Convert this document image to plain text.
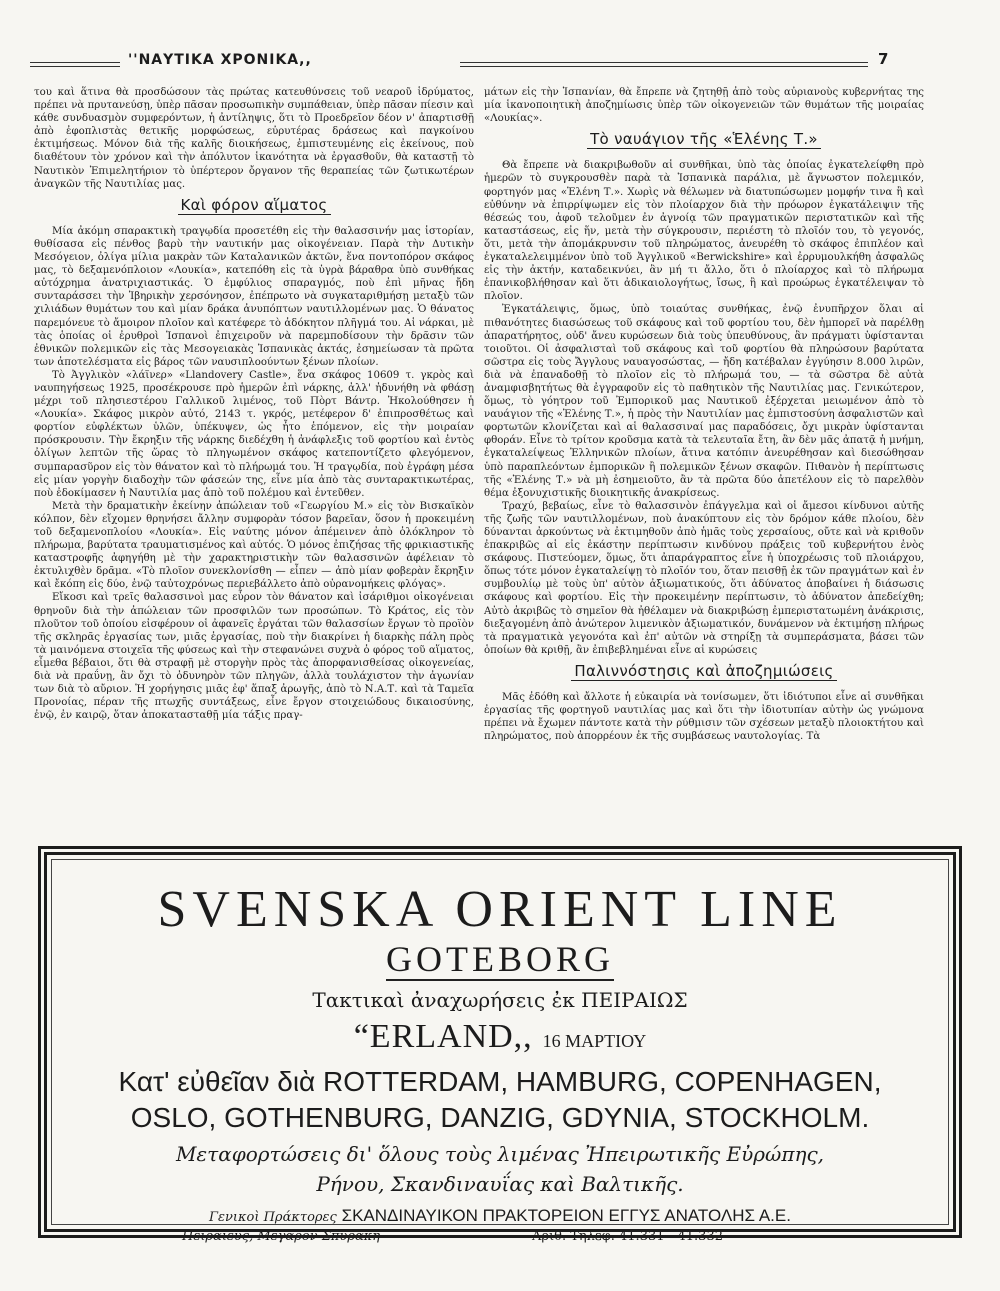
''ΝΑΥΤΙΚΑ ΧΡΟΝΙΚΑ,,	7

του καὶ ἅτινα θὰ προσδώσουν τὰς πρώτας κατευθύνσεις τοῦ νεαροῦ ἱδρύματος, πρέπει νὰ πρυτανεύσῃ, ὑπὲρ πᾶσαν προσωπικὴν συμπάθειαν, ὑπὲρ πᾶσαν πίεσιν καὶ κάθε συνδυασμὸν συμφερόντων, ἡ ἀντίληψις, ὅτι τὸ Προεδρεῖον δέον ν' ἀπαρτισθῇ ἀπὸ ἐφοπλιστὰς θετικῆς μορφώσεως, εὐρυτέρας δράσεως καὶ παγκοίνου ἐκτιμήσεως. Μόνον διὰ τῆς καλῆς διοικήσεως, ἐμπιστευμένης εἰς ἐκείνους, ποὺ διαθέτουν τὸν χρόνον καὶ τὴν ἀπόλυτον ἱκανότητα νὰ ἐργασθοῦν, θὰ καταστῇ τὸ Ναυτικὸν Ἐπιμελητήριον τὸ ὑπέρτερον ὄργανον τῆς θεραπείας τῶν ζωτικωτέρων ἀναγκῶν τῆς Ναυτιλίας μας.

Καὶ φόρον αἵματος

Μία ἀκόμη σπαρακτικὴ τραγῳδία προσετέθη εἰς τὴν θαλασσινήν μας ἱστορίαν, θυθίσασα εἰς πένθος βαρὺ τὴν ναυτικήν μας οἰκογένειαν. Παρὰ τὴν Δυτικὴν Μεσόγειον, ὀλίγα μίλια μακρὰν τῶν Καταλανικῶν ἀκτῶν, ἕνα ποντοπόρον σκάφος μας, τὸ δεξαμενόπλοιον «Λουκία», κατεπόθη εἰς τὰ ὑγρὰ βάραθρα ὑπὸ συνθήκας αὐτόχρημα ἀνατριχιαστικάς. Ὁ ἐμφύλιος σπαραγμός, ποὺ ἐπὶ μῆνας ἤδη συνταράσσει τὴν Ἰβηρικὴν χερσόνησον, ἐπέπρωτο νὰ συγκαταριθμήσῃ μεταξὺ τῶν χιλιάδων θυμάτων του καὶ μίαν δράκα ἀνυπόπτων ναυτιλλομένων μας. Ὁ θάνατος παρεμόνευε τὸ ἄμοιρον πλοῖον καὶ κατέφερε τὸ ἀδόκητον πλῆγμά του. Αἱ νάρκαι, μὲ τὰς ὁποίας οἱ ἐρυθροὶ Ἱσπανοὶ ἐπιχειροῦν νὰ παρεμποδίσουν τὴν δρᾶσιν τῶν ἐθνικῶν πολεμικῶν εἰς τὰς Μεσογειακὰς Ἱσπανικὰς ἀκτάς, ἐσημείωσαν τὰ πρῶτα των ἀποτελέσματα εἰς βάρος τῶν ναυσιπλοούντων ξένων πλοίων.

Τὸ Ἀγγλικὸν «λάϊνερ» «Llandovery Castle», ἕνα σκάφος 10609 τ. γκρὸς καὶ ναυπηγήσεως 1925, προσέκρουσε πρὸ ἡμερῶν ἐπὶ νάρκης, ἀλλ' ἠδυνήθη νὰ φθάσῃ μέχρι τοῦ πλησιεστέρου Γαλλικοῦ λιμένος, τοῦ Πὸρτ Βάντρ. Ἠκολούθησεν ἡ «Λουκία». Σκάφος μικρὸν αὐτό, 2143 τ. γκρός, μετέφερον δ' ἐπιπροσθέτως καὶ φορτίον εὐφλέκτων ὑλῶν, ὑπέκυψεν, ὡς ἦτο ἑπόμενον, εἰς τὴν μοιραίαν πρόσκρουσιν. Τὴν ἔκρηξιν τῆς νάρκης διεδέχθη ἡ ἀνάφλεξις τοῦ φορτίου καὶ ἐντὸς ὀλίγων λεπτῶν τῆς ὥρας τὸ πληγωμένον σκάφος κατεποντίζετο φλεγόμενον, συμπαρασῦρον εἰς τὸν θάνατον καὶ τὸ πλήρωμά του. Ἡ τραγῳδία, ποὺ ἐγράφη μέσα εἰς μίαν γοργὴν διαδοχὴν τῶν φάσεών της, εἶνε μία ἀπὸ τὰς συνταρακτικωτέρας, ποὺ ἐδοκίμασεν ἡ Ναυτιλία μας ἀπὸ τοῦ πολέμου καὶ ἐντεῦθεν.

Μετὰ τὴν δραματικὴν ἐκείνην ἀπώλειαν τοῦ «Γεωργίου Μ.» εἰς τὸν Βισκαϊκὸν κόλπον, δὲν εἴχομεν θρηνήσει ἄλλην συμφορὰν τόσον βαρεῖαν, ὅσον ἡ προκειμένη τοῦ δεξαμενοπλοίου «Λουκία». Εἰς ναύτης μόνον ἀπέμεινεν ἀπὸ ὁλόκληρον τὸ πλήρωμα, βαρύτατα τραυματισμένος καὶ αὐτός. Ὁ μόνος ἐπιζήσας τῆς φρικιαστικῆς καταστροφῆς ἀφηγήθη μὲ τὴν χαρακτηριστικὴν τῶν θαλασσινῶν ἀφέλειαν τὸ ἐκτυλιχθὲν δρᾶμα. «Τὸ πλοῖον συνεκλονίσθη — εἶπεν — ἀπὸ μίαν φοβερὰν ἔκρηξιν καὶ ἔκόπη εἰς δύο, ἐνῷ ταὐτοχρόνως περιεβάλλετο ἀπὸ οὐρανομήκεις φλόγας».

Εἴκοσι καὶ τρεῖς θαλασσινοὶ μας εὗρον τὸν θάνατον καὶ ἰσάριθμοι οἰκογένειαι θρηνοῦν διὰ τὴν ἀπώλειαν τῶν προσφιλῶν των προσώπων. Τὸ Κράτος, εἰς τὸν πλοῦτον τοῦ ὁποίου εἰσφέρουν οἱ ἀφανεῖς ἐργάται τῶν θαλασσίων ἔργων τὸ προϊὸν τῆς σκληρᾶς ἐργασίας των, μιᾶς ἐργασίας, ποὺ τὴν διακρίνει ἡ διαρκὴς πάλη πρὸς τὰ μαινόμενα στοιχεῖα τῆς φύσεως καὶ τὴν στεφανώνει συχνὰ ὁ φόρος τοῦ αἵματος, εἶμεθα βέβαιοι, ὅτι θὰ στραφῇ μὲ στοργὴν πρὸς τὰς ἀπορφανισθείσας οἰκογενείας, διὰ νὰ πραΰνῃ, ἂν ὄχι τὸ ὀδυνηρὸν τῶν πληγῶν, ἀλλὰ τουλάχιστον τὴν ἀγωνίαν των διὰ τὸ αὔριον. Ἡ χορήγησις μιᾶς ἐφ' ἅπαξ ἀρωγῆς, ἀπὸ τὸ Ν.Α.Τ. καὶ τὰ Ταμεῖα Προνοίας, πέραν τῆς πτωχῆς συντάξεως, εἶνε ἔργον στοιχειώδους δικαιοσύνης, ἐνῷ, ἐν καιρῷ, ὅταν ἀποκατασταθῇ μία τάξις πραγ-

μάτων εἰς τὴν Ἱσπανίαν, θὰ ἔπρεπε νὰ ζητηθῇ ἀπὸ τοὺς αὐριανοὺς κυβερνήτας της μία ἱκανοποιητικὴ ἀποζημίωσις ὑπὲρ τῶν οἰκογενειῶν τῶν θυμάτων τῆς μοιραίας «Λουκίας».

Τὸ ναυάγιον τῆς «Ἑλένης Τ.»

Θὰ ἔπρεπε νὰ διακριβωθοῦν αἱ συνθῆκαι, ὑπὸ τὰς ὁποίας ἐγκατελείφθη πρὸ ἡμερῶν τὸ συγκρουσθὲν παρὰ τὰ Ἱσπανικὰ παράλια, μὲ ἄγνωστον πολεμικόν, φορτηγόν μας «Ἑλένη Τ.». Χωρὶς νὰ θέλωμεν νὰ διατυπώσωμεν μομφήν τινα ἢ καὶ εὐθύνην νὰ ἐπιρρίψωμεν εἰς τὸν πλοίαρχον διὰ τὴν πρόωρον ἐγκατάλειψιν τῆς θέσεώς του, ἀφοῦ τελοῦμεν ἐν ἀγνοίᾳ τῶν πραγματικῶν περιστατικῶν καὶ τῆς καταστάσεως, εἰς ἥν, μετὰ τὴν σύγκρουσιν, περιέστη τὸ πλοῖόν του, τὸ γεγονός, ὅτι, μετὰ τὴν ἀπομάκρυνσιν τοῦ πληρώματος, ἀνευρέθη τὸ σκάφος ἐπιπλέον καὶ ἐγκαταλελειμμένον ὑπὸ τοῦ Ἀγγλικοῦ «Berwickshire» καὶ ἐρρυμουλκήθη ἀσφαλῶς εἰς τὴν ἀκτήν, καταδεικνύει, ἂν μή τι ἄλλο, ὅτι ὁ πλοίαρχος καὶ τὸ πλήρωμα ἐπανικοβλήθησαν καὶ ὅτι ἀδικαιολογήτως, ἴσως, ἢ καὶ προώρως ἐγκατέλειψαν τὸ πλοῖον.

Ἐγκατάλειψις, ὅμως, ὑπὸ τοιαύτας συνθήκας, ἐνῷ ἐνυπῆρχον ὅλαι αἱ πιθανότητες διασώσεως τοῦ σκάφους καὶ τοῦ φορτίου του, δὲν ἠμπορεῖ νὰ παρέλθῃ ἀπαρατήρητος, οὐδ' ἄνευ κυρώσεων διὰ τοὺς ὑπευθύνους, ἂν πράγματι ὑφίστανται τοιοῦτοι. Οἱ ἀσφαλισταὶ τοῦ σκάφους καὶ τοῦ φορτίου θὰ πληρώσουν βαρύτατα σῶστρα εἰς τοὺς Ἄγγλους ναυαγοσώστας, — ἤδη κατέβαλαν ἐγγύησιν 8.000 λιρῶν, διὰ νὰ ἐπαναδοθῇ τὸ πλοῖον εἰς τὸ πλήρωμά του, — τὰ σῶστρα δὲ αὐτὰ ἀναμφισβητήτως θὰ ἐγγραφοῦν εἰς τὸ παθητικὸν τῆς Ναυτιλίας μας. Γενικώτερον, ὅμως, τὸ γόητρον τοῦ Ἐμπορικοῦ μας Ναυτικοῦ ἐξέρχεται μειωμένον ἀπὸ τὸ ναυάγιον τῆς «Ἑλένης Τ.», ἡ πρὸς τὴν Ναυτιλίαν μας ἐμπιστοσύνη ἀσφαλιστῶν καὶ φορτωτῶν κλονίζεται καὶ αἱ θαλασσιναί μας παραδόσεις, ὄχι μικρὰν ὑφίστανται φθοράν. Εἶνε τὸ τρίτον κροῦσμα κατὰ τὰ τελευταῖα ἔτη, ἂν δὲν μᾶς ἀπατᾷ ἡ μνήμη, ἐγκαταλείψεως Ἑλληνικῶν πλοίων, ἅτινα κατόπιν ἀνευρέθησαν καὶ διεσώθησαν ὑπὸ παραπλεόντων ἐμπορικῶν ἢ πολεμικῶν ξένων σκαφῶν. Πιθανὸν ἡ περίπτωσις τῆς «Ἑλένης Τ.» νὰ μὴ ἐσημειοῦτο, ἂν τὰ πρῶτα δύο ἀπετέλουν εἰς τὸ παρελθὸν θέμα ἐξονυχιστικῆς διοικητικῆς ἀνακρίσεως.

Τραχύ, βεβαίως, εἶνε τὸ θαλασσινὸν ἐπάγγελμα καὶ οἱ ἄμεσοι κίνδυνοι αὐτῆς τῆς ζωῆς τῶν ναυτιλλομένων, ποὺ ἀνακύπτουν εἰς τὸν δρόμον κάθε πλοίου, δὲν δύνανται ἀρκούντως νὰ ἐκτιμηθοῦν ἀπὸ ἡμᾶς τοὺς χερσαίους, οὔτε καὶ νὰ κριθοῦν ἐπακριβῶς αἱ εἰς ἑκάστην περίπτωσιν κινδύνου πράξεις τοῦ κυβερνήτου ἐνὸς σκάφους. Πιστεύομεν, ὅμως, ὅτι ἀπαράγραπτος εἶνε ἡ ὑποχρέωσις τοῦ πλοιάρχου, ὅπως τότε μόνον ἐγκαταλείψῃ τὸ πλοῖόν του, ὅταν πεισθῇ ἐκ τῶν πραγμάτων καὶ ἐν συμβουλίῳ μὲ τοὺς ὑπ' αὐτὸν ἀξιωματικούς, ὅτι ἀδύνατος ἀποβαίνει ἡ διάσωσις σκάφους καὶ φορτίου. Εἰς τὴν προκειμένην περίπτωσιν, τὸ ἀδύνατον ἀπεδείχθη; Αὐτὸ ἀκριβῶς τὸ σημεῖον θὰ ἠθέλαμεν νὰ διακριβώσῃ ἐμπεριστατωμένη ἀνάκρισις, διεξαγομένη ἀπὸ ἀνώτερον λιμενικὸν ἀξιωματικόν, δυνάμενον νὰ ἐκτιμήσῃ πλήρως τὰ πραγματικὰ γεγονότα καὶ ἐπ' αὐτῶν νὰ στηρίξῃ τὰ συμπεράσματα, βάσει τῶν ὁποίων θὰ κριθῇ, ἂν ἐπιβεβλημέναι εἶνε αἱ κυρώσεις

Παλιννόστησις καὶ ἀποζημιώσεις

Μᾶς ἐδόθη καὶ ἄλλοτε ἡ εὐκαιρία νὰ τονίσωμεν, ὅτι ἰδιότυποι εἶνε αἱ συνθῆκαι ἐργασίας τῆς φορτηγοῦ ναυτιλίας μας καὶ ὅτι τὴν ἰδιοτυπίαν αὐτὴν ὡς γνώμονα πρέπει νὰ ἔχωμεν πάντοτε κατὰ τὴν ρύθμισιν τῶν σχέσεων μεταξὺ πλοιοκτήτου καὶ πληρώματος, ποὺ ἀπορρέουν ἐκ τῆς συμβάσεως ναυτολογίας. Τὰ

SVENSKA ORIENT LINE
GOTEBORG
Τακτικαὶ ἀναχωρήσεις ἐκ ΠΕΙΡΑΙΩΣ
“ERLAND,, 16 ΜΑΡΤΙΟΥ
Κατ' εὐθεῖαν διὰ ROTTERDAM, HAMBURG, COPENHAGEN,
OSLO, GOTHENBURG, DANZIG, GDYNIA, STOCKHOLM.
Μεταφορτώσεις δι' ὅλους τοὺς λιμένας Ἠπειρωτικῆς Εὐρώπης,
Ρήνου, Σκανδιναυΐας καὶ Βαλτικῆς.
Γενικοὶ Πράκτορες ΣΚΑΝΔΙΝΑΥΙΚΟΝ ΠΡΑΚΤΟΡΕΙΟΝ ΕΓΓΥΣ ΑΝΑΤΟΛΗΣ Α.Ε.
Πειραιεύς, Μέγαρον Σπυράκη	Ἀριθ. Τηλεφ. 41.331—41.332
